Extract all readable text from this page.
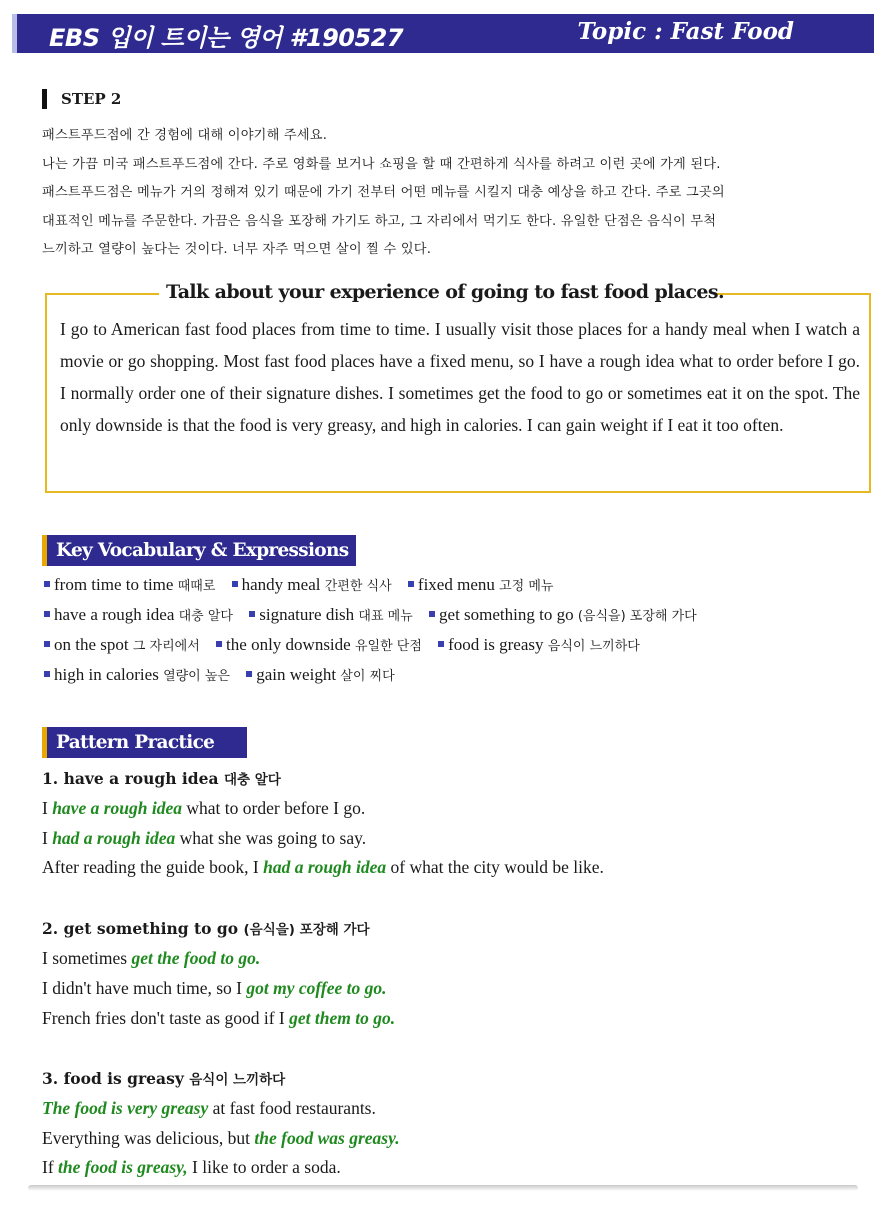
EBS 입이 트이는 영어 #190527	Topic : Fast Food
STEP 2
패스트푸드점에 간 경험에 대해 이야기해 주세요.
나는 가끔 미국 패스트푸드점에 간다. 주로 영화를 보거나 쇼핑을 할 때 간편하게 식사를 하려고 이런 곳에 가게 된다.
패스트푸드점은 메뉴가 거의 정해져 있기 때문에 가기 전부터 어떤 메뉴를 시킬지 대충 예상을 하고 간다. 주로 그곳의
대표적인 메뉴를 주문한다. 가끔은 음식을 포장해 가기도 하고, 그 자리에서 먹기도 한다. 유일한 단점은 음식이 무척
느끼하고 열량이 높다는 것이다. 너무 자주 먹으면 살이 찔 수 있다.
Talk about your experience of going to fast food places.
I go to American fast food places from time to time. I usually visit those places for a handy meal when I watch a movie or go shopping. Most fast food places have a fixed menu, so I have a rough idea what to order before I go. I normally order one of their signature dishes. I sometimes get the food to go or sometimes eat it on the spot. The only downside is that the food is very greasy, and high in calories. I can gain weight if I eat it too often.
Key Vocabulary & Expressions
from time to time 때때로 handy meal 간편한 식사 fixed menu 고정 메뉴
have a rough idea 대충 알다 signature dish 대표 메뉴 get something to go (음식을) 포장해 가다
on the spot 그 자리에서 the only downside 유일한 단점 food is greasy 음식이 느끼하다
high in calories 열량이 높은 gain weight 살이 찌다
Pattern Practice
1. have a rough idea 대충 알다
I have a rough idea what to order before I go.
I had a rough idea what she was going to say.
After reading the guide book, I had a rough idea of what the city would be like.
2. get something to go (음식을) 포장해 가다
I sometimes get the food to go.
I didn't have much time, so I got my coffee to go.
French fries don't taste as good if I get them to go.
3. food is greasy 음식이 느끼하다
The food is very greasy at fast food restaurants.
Everything was delicious, but the food was greasy.
If the food is greasy, I like to order a soda.
